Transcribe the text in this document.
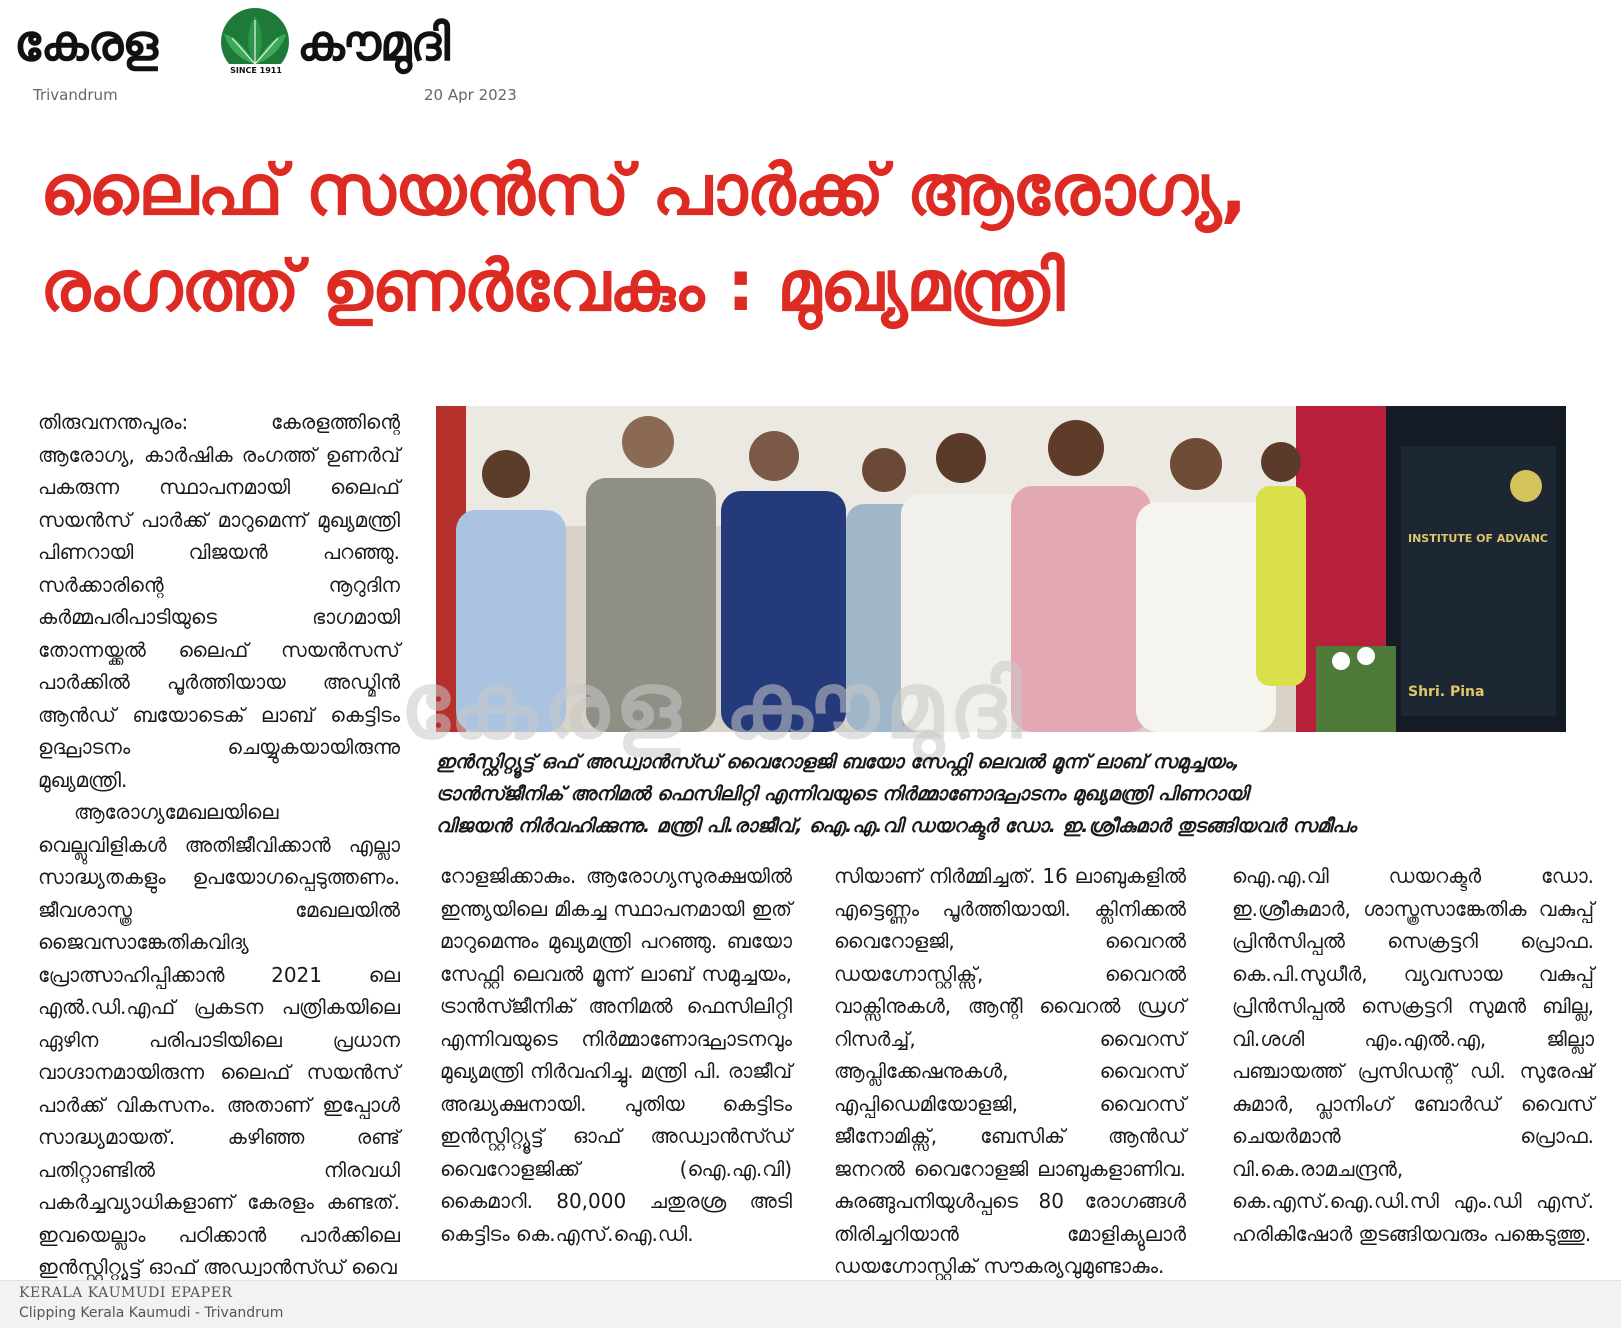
കേരള	SINCE 1911 കൗമുദി
Trivandrum	20 Apr 2023
ലൈഫ് സയൻസ് പാർക്ക് ആരോഗ്യ,
രംഗത്ത് ഉണർവേകും : മുഖ്യമന്ത്രി

തിരുവനന്തപുരം: കേരളത്തിന്റെ ആരോഗ്യ, കാർഷിക രംഗത്ത് ഉണർവ് പകരുന്ന സ്ഥാപനമായി ലൈഫ് സയൻസ് പാർക്ക് മാറുമെന്ന് മുഖ്യമന്ത്രി പിണറായി വിജയൻ പറഞ്ഞു. സർക്കാരിന്റെ നൂറുദിന കർമ്മപരിപാടിയുടെ ഭാഗമായി തോന്നയ്ക്കൽ ലൈഫ് സയൻസസ് പാർക്കിൽ പൂർത്തിയായ അഡ്മിൻ ആൻഡ് ബയോടെക് ലാബ് കെട്ടിടം ഉദ്ഘാടനം ചെയ്യുകയായിരുന്നു മുഖ്യമന്ത്രി.

ആരോഗ്യമേഖലയിലെ വെല്ലുവിളികൾ അതിജീവിക്കാൻ എല്ലാ സാദ്ധ്യതകളും ഉപയോഗപ്പെടുത്തണം. ജീവശാസ്ത്ര മേഖലയിൽ ജൈവസാങ്കേതികവിദ്യ പ്രോത്സാഹിപ്പിക്കാൻ 2021 ലെ എൽ.ഡി.എഫ് പ്രകടന പത്രികയിലെ ഏഴിന പരിപാടിയിലെ പ്രധാന വാഗ്ദാനമായിരുന്ന ലൈഫ് സയൻസ് പാർക്ക് വികസനം. അതാണ് ഇപ്പോൾ സാദ്ധ്യമായത്. കഴിഞ്ഞ രണ്ട് പതിറ്റാണ്ടിൽ നിരവധി പകർച്ചവ്യാധികളാണ് കേരളം കണ്ടത്. ഇവയെല്ലാം പഠിക്കാൻ പാർക്കിലെ ഇൻസ്റ്റിറ്റ്യൂട്ട് ഓഫ് അഡ്വാൻസ്ഡ് വൈ

INSTITUTE OF ADVANC
Shri. Pina
കേരള കൗമുദി
ഇൻസ്റ്റിറ്റ്യൂട്ട് ഒഫ് അഡ്വാൻസ്ഡ് വൈറോളജി ബയോ സേഫ്റ്റി ലെവൽ മൂന്ന് ലാബ് സമുച്ചയം,
ട്രാൻസ്ജീനിക് അനിമൽ ഫെസിലിറ്റി എന്നിവയുടെ നിർമ്മാണോദ്ഘാടനം മുഖ്യമന്ത്രി പിണറായി
വിജയൻ നിർവഹിക്കുന്നു. മന്ത്രി പി.രാജീവ്, ഐ.എ.വി ഡയറക്ടർ ഡോ. ഇ.ശ്രീകുമാർ തുടങ്ങിയവർ സമീപം

റോളജിക്കാകും. ആരോഗ്യസുരക്ഷയിൽ ഇന്ത്യയിലെ മികച്ച സ്ഥാപനമായി ഇത് മാറുമെന്നും മുഖ്യമന്ത്രി പറഞ്ഞു. ബയോ സേഫ്റ്റി ലെവൽ മൂന്ന് ലാബ് സമുച്ചയം, ട്രാൻസ്ജീനിക് അനിമൽ ഫെസിലിറ്റി എന്നിവയുടെ നിർമ്മാണോദ്ഘാടനവും മുഖ്യമന്ത്രി നിർവഹിച്ചു. മന്ത്രി പി. രാജീവ് അദ്ധ്യക്ഷനായി. പുതിയ കെട്ടിടം ഇൻസ്റ്റിറ്റ്യൂട്ട് ഓഫ് അഡ്വാൻസ്ഡ് വൈറോളജിക്ക് (ഐ.എ.വി) കൈമാറി. 80,000 ചതുരശ്ര അടി കെട്ടിടം കെ.എസ്.ഐ.ഡി.

സിയാണ് നിർമ്മിച്ചത്. 16 ലാബുകളിൽ എട്ടെണ്ണം പൂർത്തിയായി. ക്ലിനിക്കൽ വൈറോളജി, വൈറൽ ഡയഗ്നോസ്റ്റിക്സ്, വൈറൽ വാക്സിനുകൾ, ആന്റി വൈറൽ ഡ്രഗ് റിസർച്ച്, വൈറസ് ആപ്ലിക്കേഷനുകൾ, വൈറസ് എപ്പിഡെമിയോളജി, വൈറസ് ജീനോമിക്സ്, ബേസിക് ആൻഡ് ജനറൽ വൈറോളജി ലാബുകളാണിവ. കുരങ്ങുപനിയുൾപ്പടെ 80 രോഗങ്ങൾ തിരിച്ചറിയാൻ മോളിക്യുലാർ ഡയഗ്നോസ്റ്റിക് സൗകര്യവുമുണ്ടാകും.

ഐ.എ.വി ഡയറക്ടർ ഡോ. ഇ.ശ്രീകുമാർ, ശാസ്ത്രസാങ്കേതിക വകുപ്പ് പ്രിൻസിപ്പൽ സെക്രട്ടറി പ്രൊഫ. കെ.പി.സുധീർ, വ്യവസായ വകുപ്പ് പ്രിൻസിപ്പൽ സെക്രട്ടറി സുമൻ ബില്ല, വി.ശശി എം.എൽ.എ, ജില്ലാ പഞ്ചായത്ത് പ്രസിഡന്റ് ഡി. സുരേഷ് കുമാർ, പ്ലാനിംഗ് ബോർഡ് വൈസ് ചെയർമാൻ പ്രൊഫ. വി.കെ.രാമചന്ദ്രൻ, കെ.എസ്.ഐ.ഡി.സി എം.ഡി എസ്. ഹരികിഷോർ തുടങ്ങിയവരും പങ്കെടുത്തു.

KERALA KAUMUDI EPAPER
Clipping Kerala Kaumudi - Trivandrum
